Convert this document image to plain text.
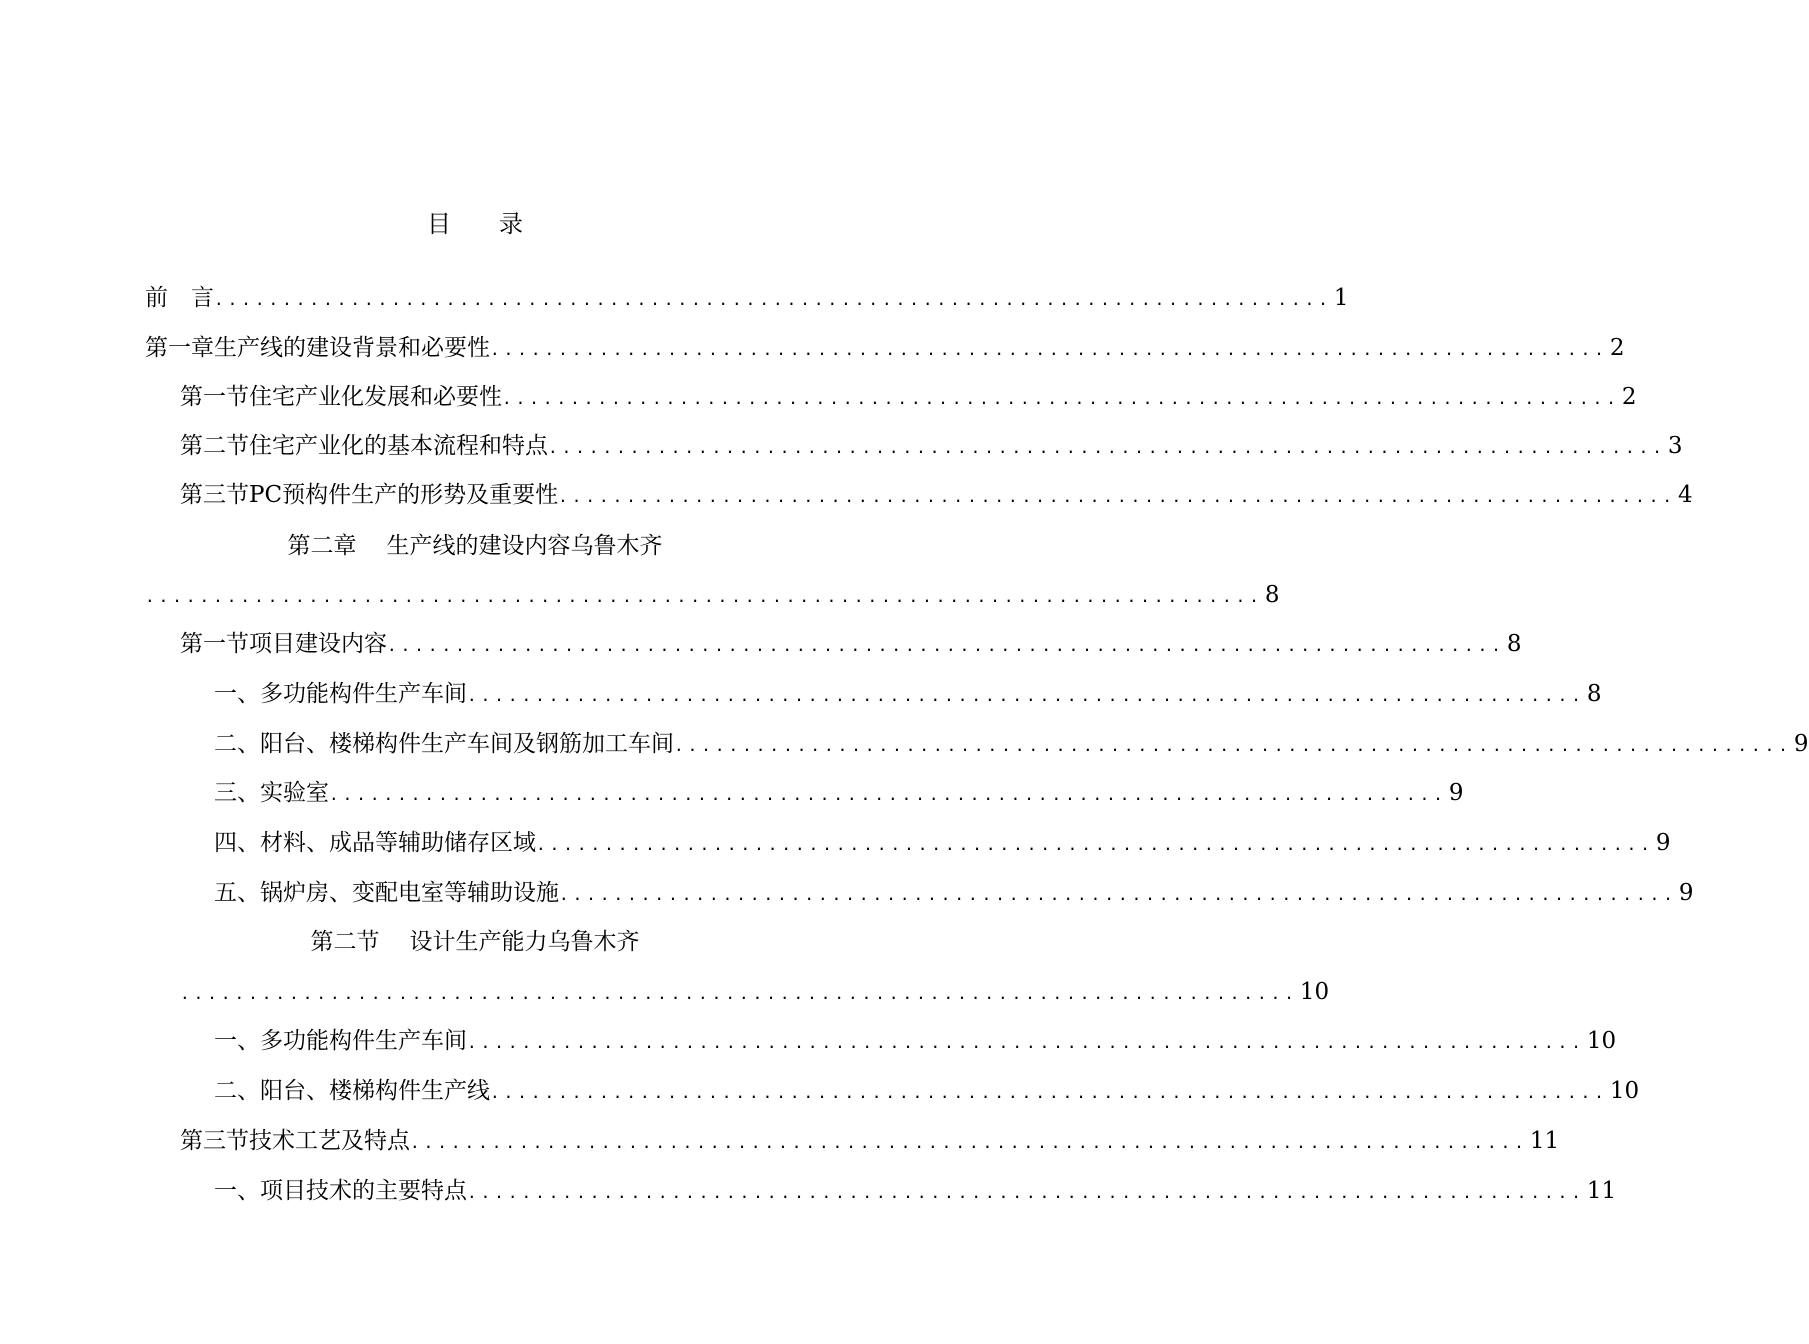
目　录
前　言 .................................................................................. 1
第一章 生产线的建设背景和必要性 .................................................................................. 2
第一节 住宅产业化发展和必要性 .................................................................................. 2
第二节 住宅产业化的基本流程和特点 .................................................................................. 3
第三节 PC预构件生产的形势及重要性 .................................................................................. 4
第二章 生产线的建设内容乌鲁木齐
.................................................................................. 8
第一节 项目建设内容 .................................................................................. 8
一、多功能构件生产车间 .................................................................................. 8
二、阳台、楼梯构件生产车间及钢筋加工车间 .................................................................................. 9
三、实验室 .................................................................................. 9
四、材料、成品等辅助储存区域 .................................................................................. 9
五、锅炉房、变配电室等辅助设施 .................................................................................. 9
第二节 设计生产能力乌鲁木齐
.................................................................................. 10
一、多功能构件生产车间 .................................................................................. 10
二、阳台、楼梯构件生产线 .................................................................................. 10
第三节 技术工艺及特点 .................................................................................. 11
一、项目技术的主要特点 .................................................................................. 11
